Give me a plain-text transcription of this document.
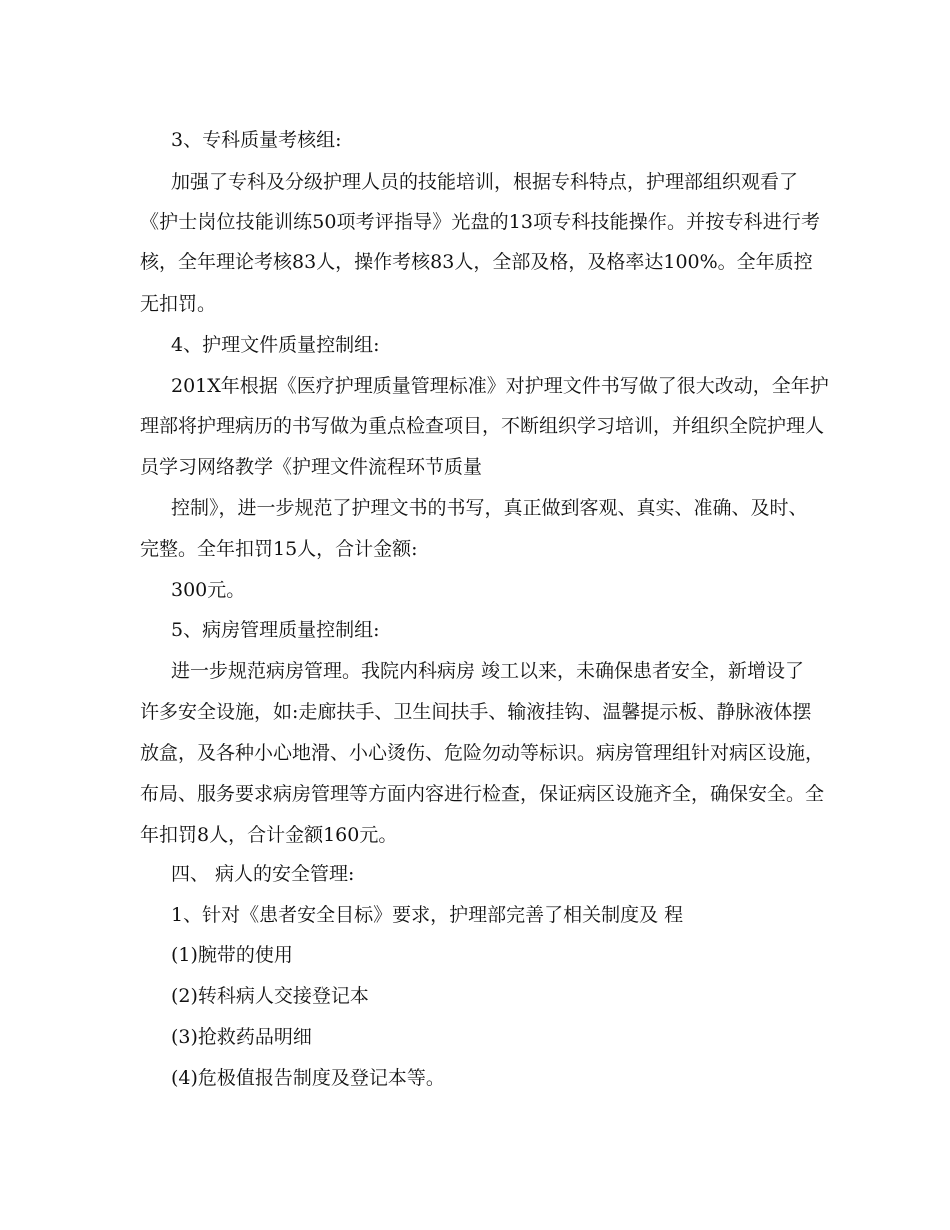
3、专科质量考核组:
加强了专科及分级护理人员的技能培训，根据专科特点，护理部组织观看了
《护士岗位技能训练50项考评指导》光盘的13项专科技能操作。并按专科进行考
核，全年理论考核83人，操作考核83人，全部及格，及格率达100%。全年质控
无扣罚。
4、护理文件质量控制组:
201X年根据《医疗护理质量管理标准》对护理文件书写做了很大改动，全年护
理部将护理病历的书写做为重点检查项目，不断组织学习培训，并组织全院护理人
员学习网络教学《护理文件流程环节质量
控制》，进一步规范了护理文书的书写，真正做到客观、真实、准确、及时、
完整。全年扣罚15人，合计金额:
300元。
5、病房管理质量控制组:
进一步规范病房管理。我院内科病房 竣工以来，未确保患者安全，新增设了
许多安全设施，如:走廊扶手、卫生间扶手、输液挂钩、温馨提示板、静脉液体摆
放盒，及各种小心地滑、小心烫伤、危险勿动等标识。病房管理组针对病区设施，
布局、服务要求病房管理等方面内容进行检查，保证病区设施齐全，确保安全。全
年扣罚8人，合计金额160元。
四、 病人的安全管理:
1、针对《患者安全目标》要求，护理部完善了相关制度及 程
(1)腕带的使用
(2)转科病人交接登记本
(3)抢救药品明细
(4)危极值报告制度及登记本等。
